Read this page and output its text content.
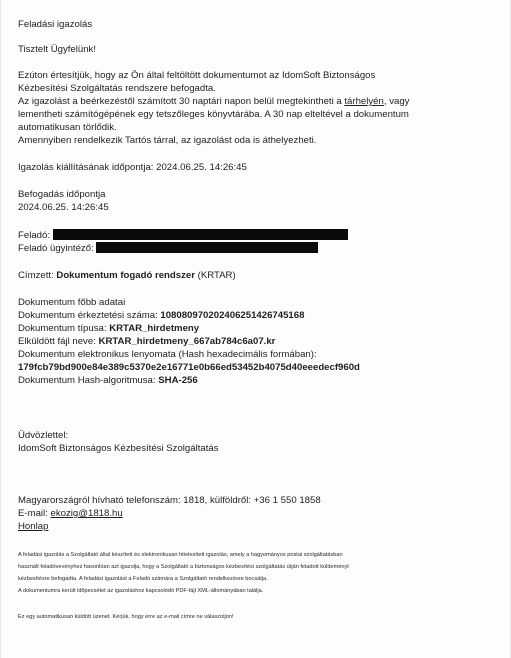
Feladási igazolás
Tisztelt Ügyfelünk!
Ezúton értesítjük, hogy az Ön által feltöltött dokumentumot az IdomSoft Biztonságos
Kézbesítési Szolgáltatás rendszere befogadta.
Az igazolást a beérkezéstől számított 30 naptári napon belül megtekintheti a tárhelyén, vagy
lementheti számítógépének egy tetszőleges könyvtárába. A 30 nap elteltével a dokumentum
automatikusan törlődik.
Amennyiben rendelkezik Tartós tárral, az igazolást oda is áthelyezheti.
Igazolás kiállításának időpontja: 2024.06.25. 14:26:45
Befogadás időpontja
2024.06.25. 14:26:45
Feladó:
Feladó ügyintéző:
Címzett: Dokumentum fogadó rendszer (KRTAR)
Dokumentum főbb adatai
Dokumentum érkeztetési száma: 108080970202406251426745168
Dokumentum típusa: KRTAR_hirdetmeny
Elküldött fájl neve: KRTAR_hirdetmeny_667ab784c6a07.kr
Dokumentum elektronikus lenyomata (Hash hexadecimális formában):
179fcb79bd900e84e389c5370e2e16771e0b66ed53452b4075d40eeedecf960d
Dokumentum Hash-algoritmusa: SHA-256
Üdvözlettel:
IdomSoft Biztonságos Kézbesítési Szolgáltatás
Magyarországról hívható telefonszám: 1818, külföldről: +36 1 550 1858
E-mail: ekozig@1818.hu
Honlap
A feladási igazolás a Szolgáltató által készített és elektronikusan hitelesített igazolás, amely a hagyományos postai szolgáltatásban
használt feladóvevényhez hasonlóan azt igazolja, hogy a Szolgáltató a biztonságos kézbesítési szolgáltatás útján feladott küldeményt
kézbesítésre befogadta. A feladási igazolást a Feladó számára a Szolgáltató rendelkezésre bocsátja.
A dokumentumra került időpecsétet az igazoláshoz kapcsolódó PDF-fájl XML-állományában találja.
Ez egy automatikusan küldött üzenet. Kérjük, hogy erre az e-mail címre ne válaszoljon!
